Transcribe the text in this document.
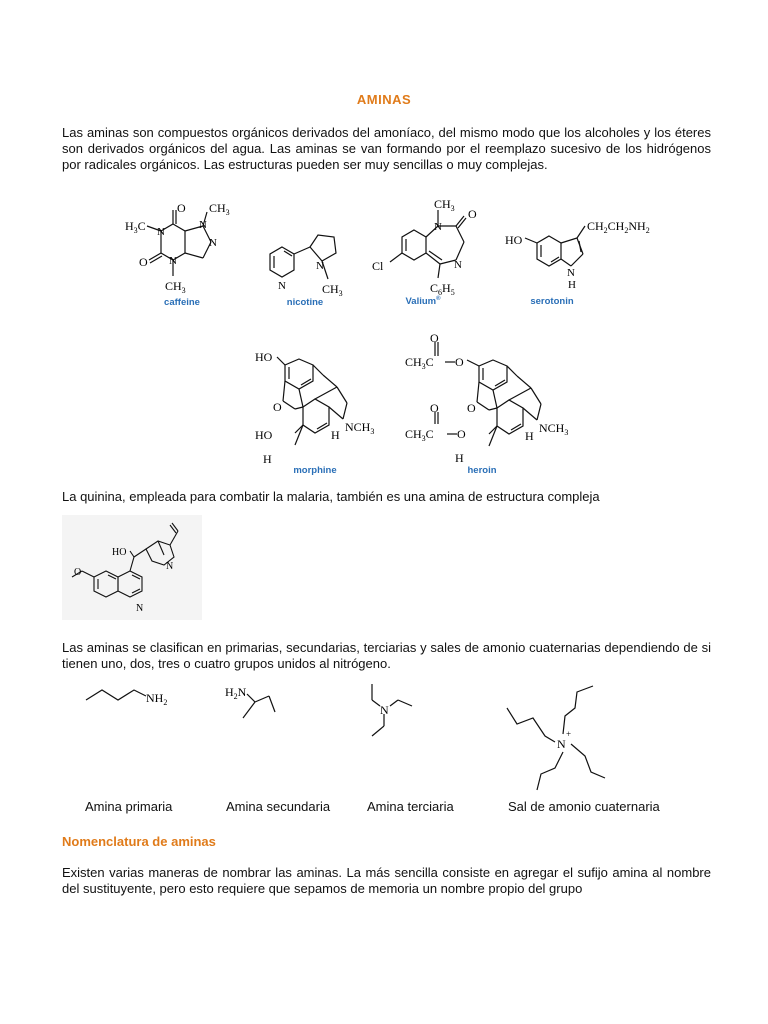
AMINAS
Las aminas son compuestos orgánicos derivados del amoníaco, del mismo modo que los alcoholes y los éteres son derivados orgánicos del agua. Las aminas se van formando por el reemplazo sucesivo de los hidrógenos por radicales orgánicos. Las estructuras pueden ser muy sencillas o muy complejas.
O
O
$H_3C$ N
N
N
N
$CH_3$
$CH_3$
caffeine
N
N
$CH_3$
nicotine
O
N
N
Cl
$CH_3$
$C_6H_5$
Valium®
HO
N
H
$CH_2CH_2NH_2$
serotonin
HO
O
HO
H
H
$NCH_3$
morphine
O
$CH_3C$ O
O
O
$CH_3C$ O
H
H
$NCH_3$
heroin
La quinina, empleada para combatir la malaria, también es una amina de estructura compleja
HO
O
N
N
Las aminas se clasifican en primarias, secundarias, terciarias y sales de amonio cuaternarias dependiendo de si tienen uno, dos, tres o cuatro grupos unidos al nitrógeno.
$NH_2$
$H_2N$
N
N
+
Amina primaria	Amina secundaria	Amina terciaria	Sal de amonio cuaternaria
Nomenclatura de aminas
Existen varias maneras de nombrar las aminas. La más sencilla consiste en agregar el sufijo amina al nombre del sustituyente, pero esto requiere que sepamos de memoria un nombre propio del grupo
